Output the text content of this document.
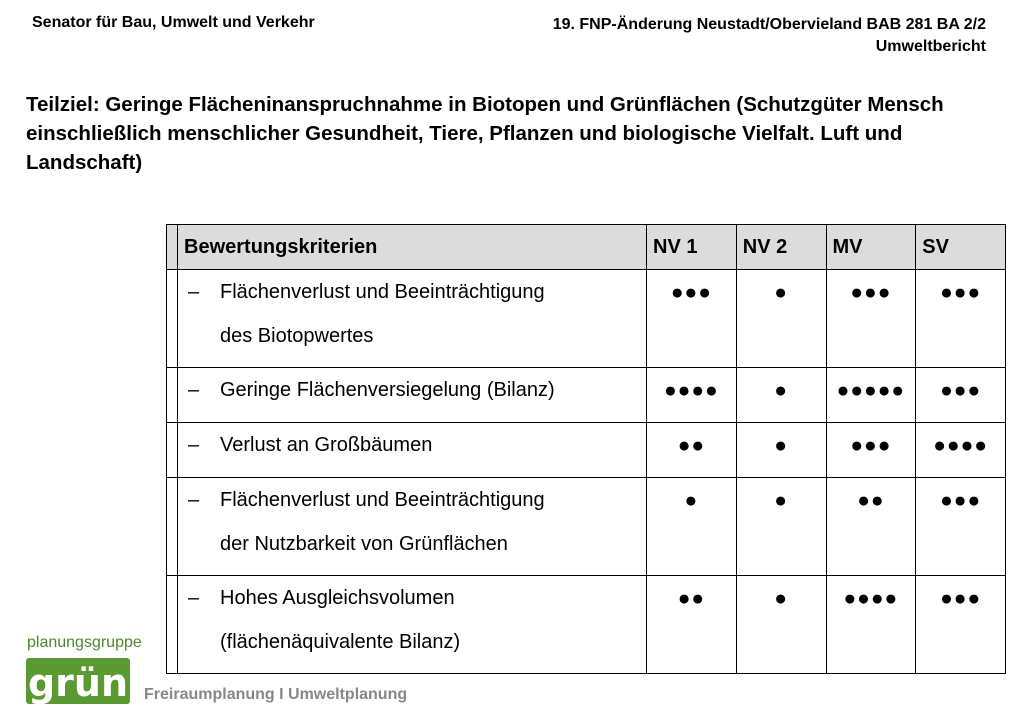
Senator für Bau, Umwelt und Verkehr	19. FNP-Änderung Neustadt/Obervieland BAB 281 BA 2/2
Umweltbericht
Teilziel: Geringe Flächeninanspruchnahme in Biotopen und Grünflächen (Schutzgüter Mensch einschließlich menschlicher Gesundheit, Tiere, Pflanzen und biologische Vielfalt. Luft und Landschaft)
	Bewertungskriterien	NV 1	NV 2	MV	SV

	– Flächenverlust und Beeinträchtigung
des Biotopwertes	●●●	●	●●●	●●●

	– Geringe Flächenversiegelung (Bilanz)	●●●●	●	●●●●●	●●●

	– Verlust an Großbäumen	●●	●	●●●	●●●●

	– Flächenverlust und Beeinträchtigung
der Nutzbarkeit von Grünflächen	●	●	●●	●●●

	– Hohes Ausgleichsvolumen
(flächenäquivalente Bilanz)	●●	●	●●●●	●●●
planungsgruppe
grün Freiraumplanung I Umweltplanung
